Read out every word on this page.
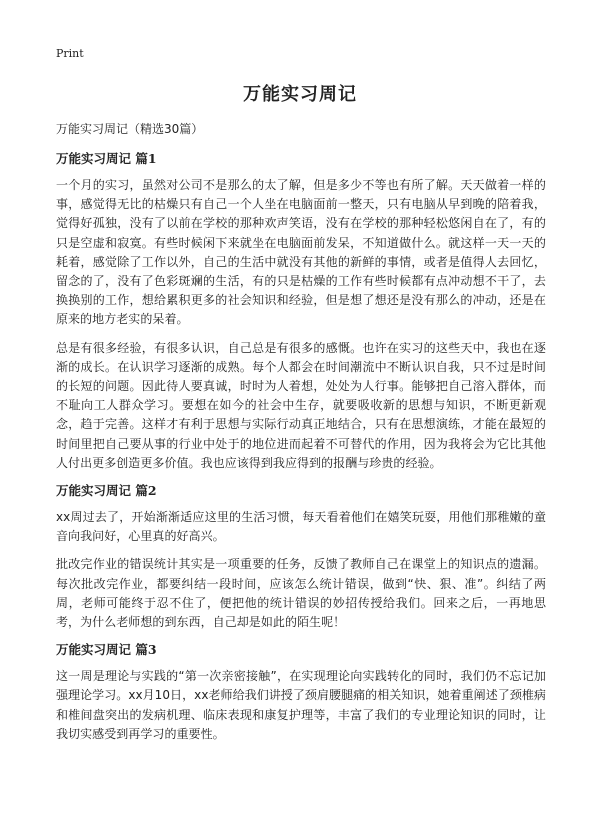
Print
万能实习周记

万能实习周记（精选30篇）

万能实习周记 篇1

一个月的实习，虽然对公司不是那么的太了解，但是多少不等也有所了解。天天做着一样的事，感觉得无比的枯燥只有自己一个人坐在电脑面前一整天，只有电脑从早到晚的陪着我，觉得好孤独，没有了以前在学校的那种欢声笑语，没有在学校的那种轻松悠闲自在了，有的只是空虚和寂寞。有些时候闲下来就坐在电脑面前发呆，不知道做什么。就这样一天一天的耗着，感觉除了工作以外，自己的生活中就没有其他的新鲜的事情，或者是值得人去回忆，留念的了，没有了色彩斑斓的生活，有的只是枯燥的工作有些时候都有点冲动想不干了，去换换别的工作，想给累积更多的社会知识和经验，但是想了想还是没有那么的冲动，还是在原来的地方老实的呆着。

总是有很多经验，有很多认识，自己总是有很多的感慨。也许在实习的这些天中，我也在逐渐的成长。在认识学习逐渐的成熟。每个人都会在时间潮流中不断认识自我，只不过是时间的长短的问题。因此待人要真诚，时时为人着想，处处为人行事。能够把自己溶入群体，而不耻向工人群众学习。要想在如今的社会中生存，就要吸收新的思想与知识，不断更新观念，趋于完善。这样才有利于思想与实际行动真正地结合，只有在思想演练，才能在最短的时间里把自己要从事的行业中处于的地位进而起着不可替代的作用，因为我将会为它比其他人付出更多创造更多价值。我也应该得到我应得到的报酬与珍贵的经验。

万能实习周记 篇2

xx周过去了，开始渐渐适应这里的生活习惯，每天看着他们在嬉笑玩耍，用他们那稚嫩的童音向我问好，心里真的好高兴。

批改完作业的错误统计其实是一项重要的任务，反馈了教师自己在课堂上的知识点的遗漏。每次批改完作业，都要纠结一段时间，应该怎么统计错误，做到“快、狠、准”。纠结了两周，老师可能终于忍不住了，便把他的统计错误的妙招传授给我们。回来之后，一再地思考，为什么老师想的到东西，自己却是如此的陌生呢！

万能实习周记 篇3

这一周是理论与实践的“第一次亲密接触”，在实现理论向实践转化的同时，我们仍不忘记加强理论学习。xx月10日，xx老师给我们讲授了颈肩腰腿痛的相关知识，她着重阐述了颈椎病和椎间盘突出的发病机理、临床表现和康复护理等，丰富了我们的专业理论知识的同时，让我切实感受到再学习的重要性。
